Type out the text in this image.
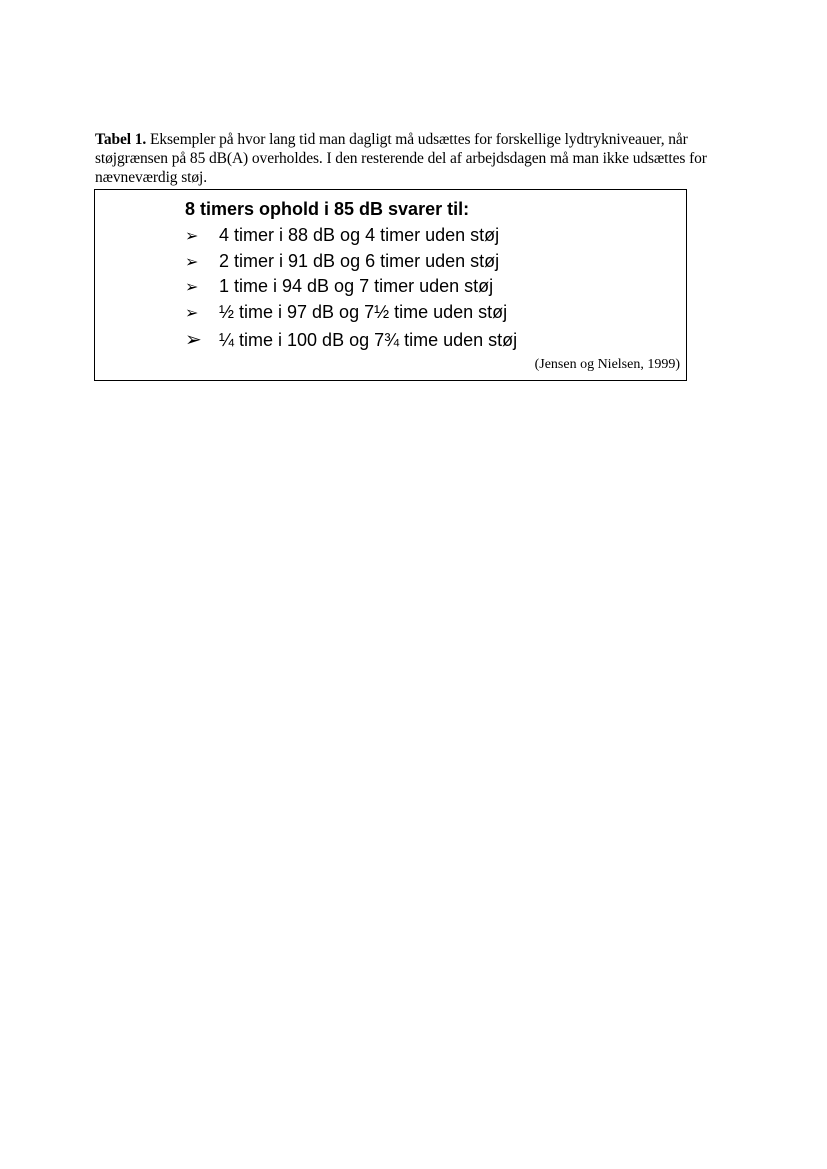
Tabel 1. Eksempler på hvor lang tid man dagligt må udsættes for forskellige lydtrykniveauer, når støjgrænsen på 85 dB(A) overholdes. I den resterende del af arbejdsdagen må man ikke udsættes for nævneværdig støj.
8 timers ophold i 85 dB svarer til:
➢ 4 timer i 88 dB og 4 timer uden støj
➢ 2 timer i 91 dB og 6 timer uden støj
➢ 1 time i 94 dB og 7 timer uden støj
➢ ½ time i 97 dB og 7½ time uden støj
➢ ¼ time i 100 dB og 7¾ time uden støj
(Jensen og Nielsen, 1999)
